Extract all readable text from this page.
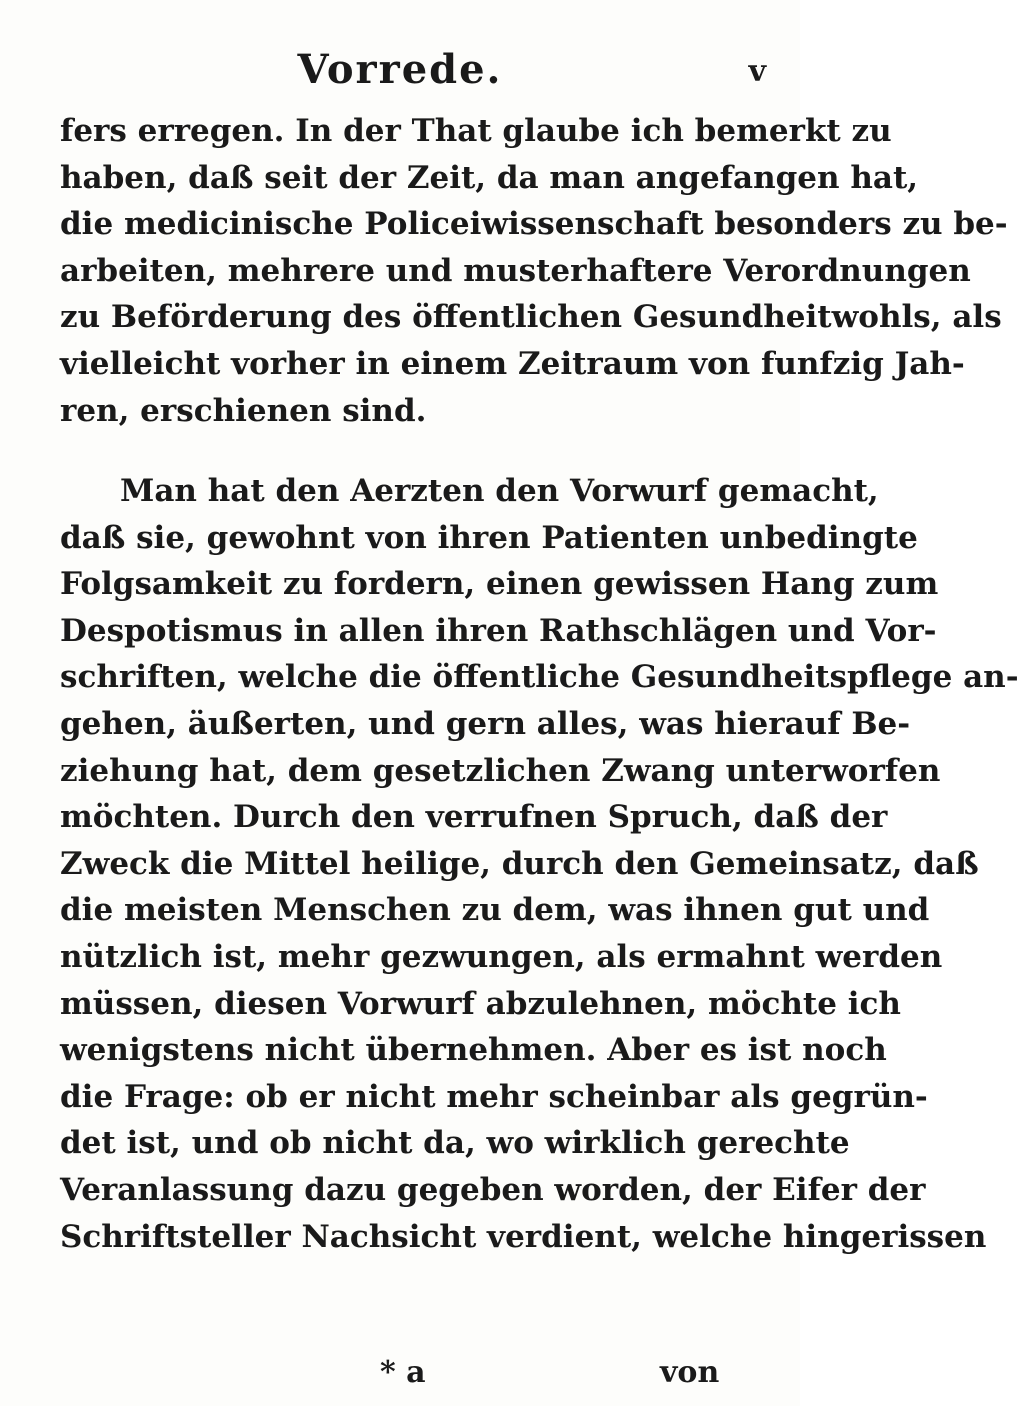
Vorrede.	v
fers erregen. In der That glaube ich bemerkt zu
haben, daß seit der Zeit, da man angefangen hat,
die medicinische Policeiwissenschaft besonders zu be-
arbeiten, mehrere und musterhaftere Verordnungen
zu Beförderung des öffentlichen Gesundheitwohls, als
vielleicht vorher in einem Zeitraum von funfzig Jah-
ren, erschienen sind.
Man hat den Aerzten den Vorwurf gemacht,
daß sie, gewohnt von ihren Patienten unbedingte
Folgsamkeit zu fordern, einen gewissen Hang zum
Despotismus in allen ihren Rathschlägen und Vor-
schriften, welche die öffentliche Gesundheitspflege an-
gehen, äußerten, und gern alles, was hierauf Be-
ziehung hat, dem gesetzlichen Zwang unterworfen
möchten. Durch den verrufnen Spruch, daß der
Zweck die Mittel heilige, durch den Gemeinsatz, daß
die meisten Menschen zu dem, was ihnen gut und
nützlich ist, mehr gezwungen, als ermahnt werden
müssen, diesen Vorwurf abzulehnen, möchte ich
wenigstens nicht übernehmen. Aber es ist noch
die Frage: ob er nicht mehr scheinbar als gegrün-
det ist, und ob nicht da, wo wirklich gerechte
Veranlassung dazu gegeben worden, der Eifer der
Schriftsteller Nachsicht verdient, welche hingerissen
* a	von
